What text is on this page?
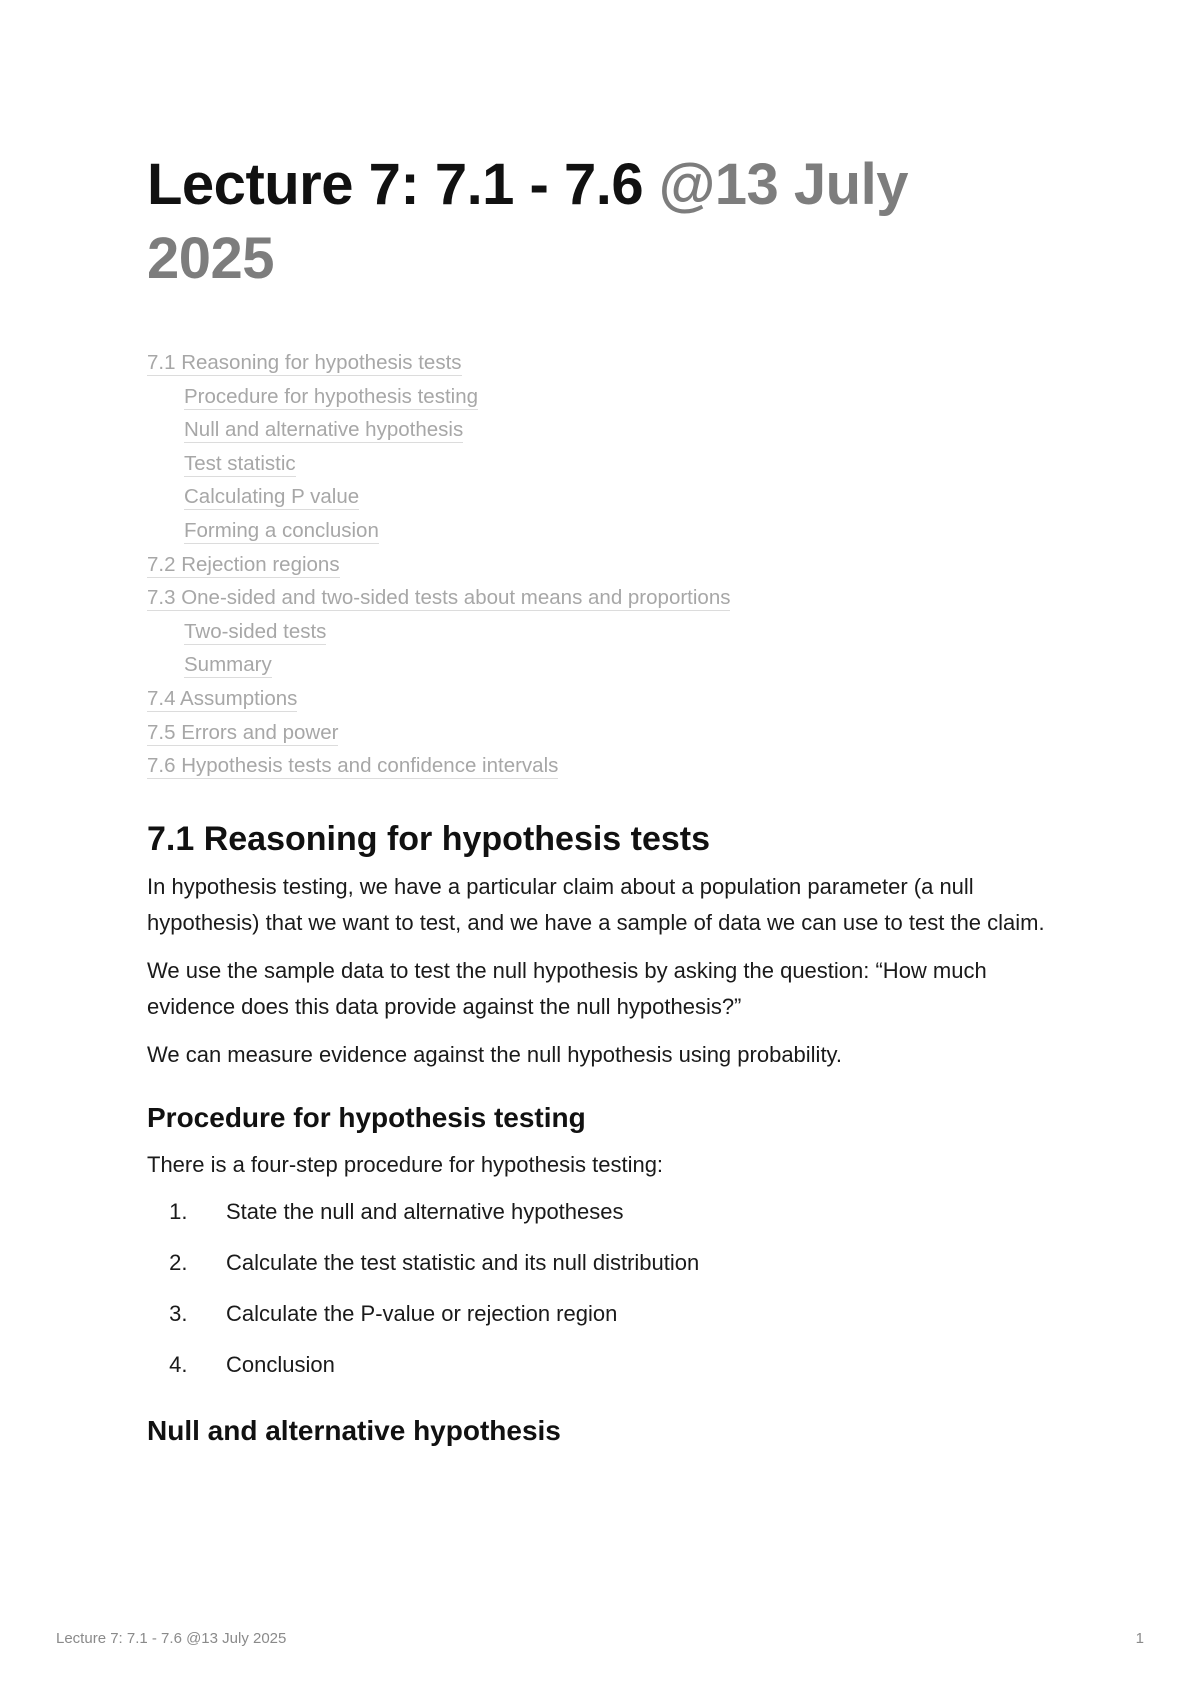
Lecture 7: 7.1 - 7.6 @13 July 2025
7.1 Reasoning for hypothesis tests
Procedure for hypothesis testing
Null and alternative hypothesis
Test statistic
Calculating P value
Forming a conclusion
7.2 Rejection regions
7.3 One-sided and two-sided tests about means and proportions
Two-sided tests
Summary
7.4 Assumptions
7.5 Errors and power
7.6 Hypothesis tests and confidence intervals
7.1 Reasoning for hypothesis tests

In hypothesis testing, we have a particular claim about a population parameter (a null hypothesis) that we want to test, and we have a sample of data we can use to test the claim.

We use the sample data to test the null hypothesis by asking the question: “How much evidence does this data provide against the null hypothesis?”

We can measure evidence against the null hypothesis using probability.

Procedure for hypothesis testing

There is a four-step procedure for hypothesis testing:

1. State the null and alternative hypotheses
2. Calculate the test statistic and its null distribution
3. Calculate the P-value or rejection region
4. Conclusion
Null and alternative hypothesis
Lecture 7: 7.1 - 7.6 @13 July 2025	1
